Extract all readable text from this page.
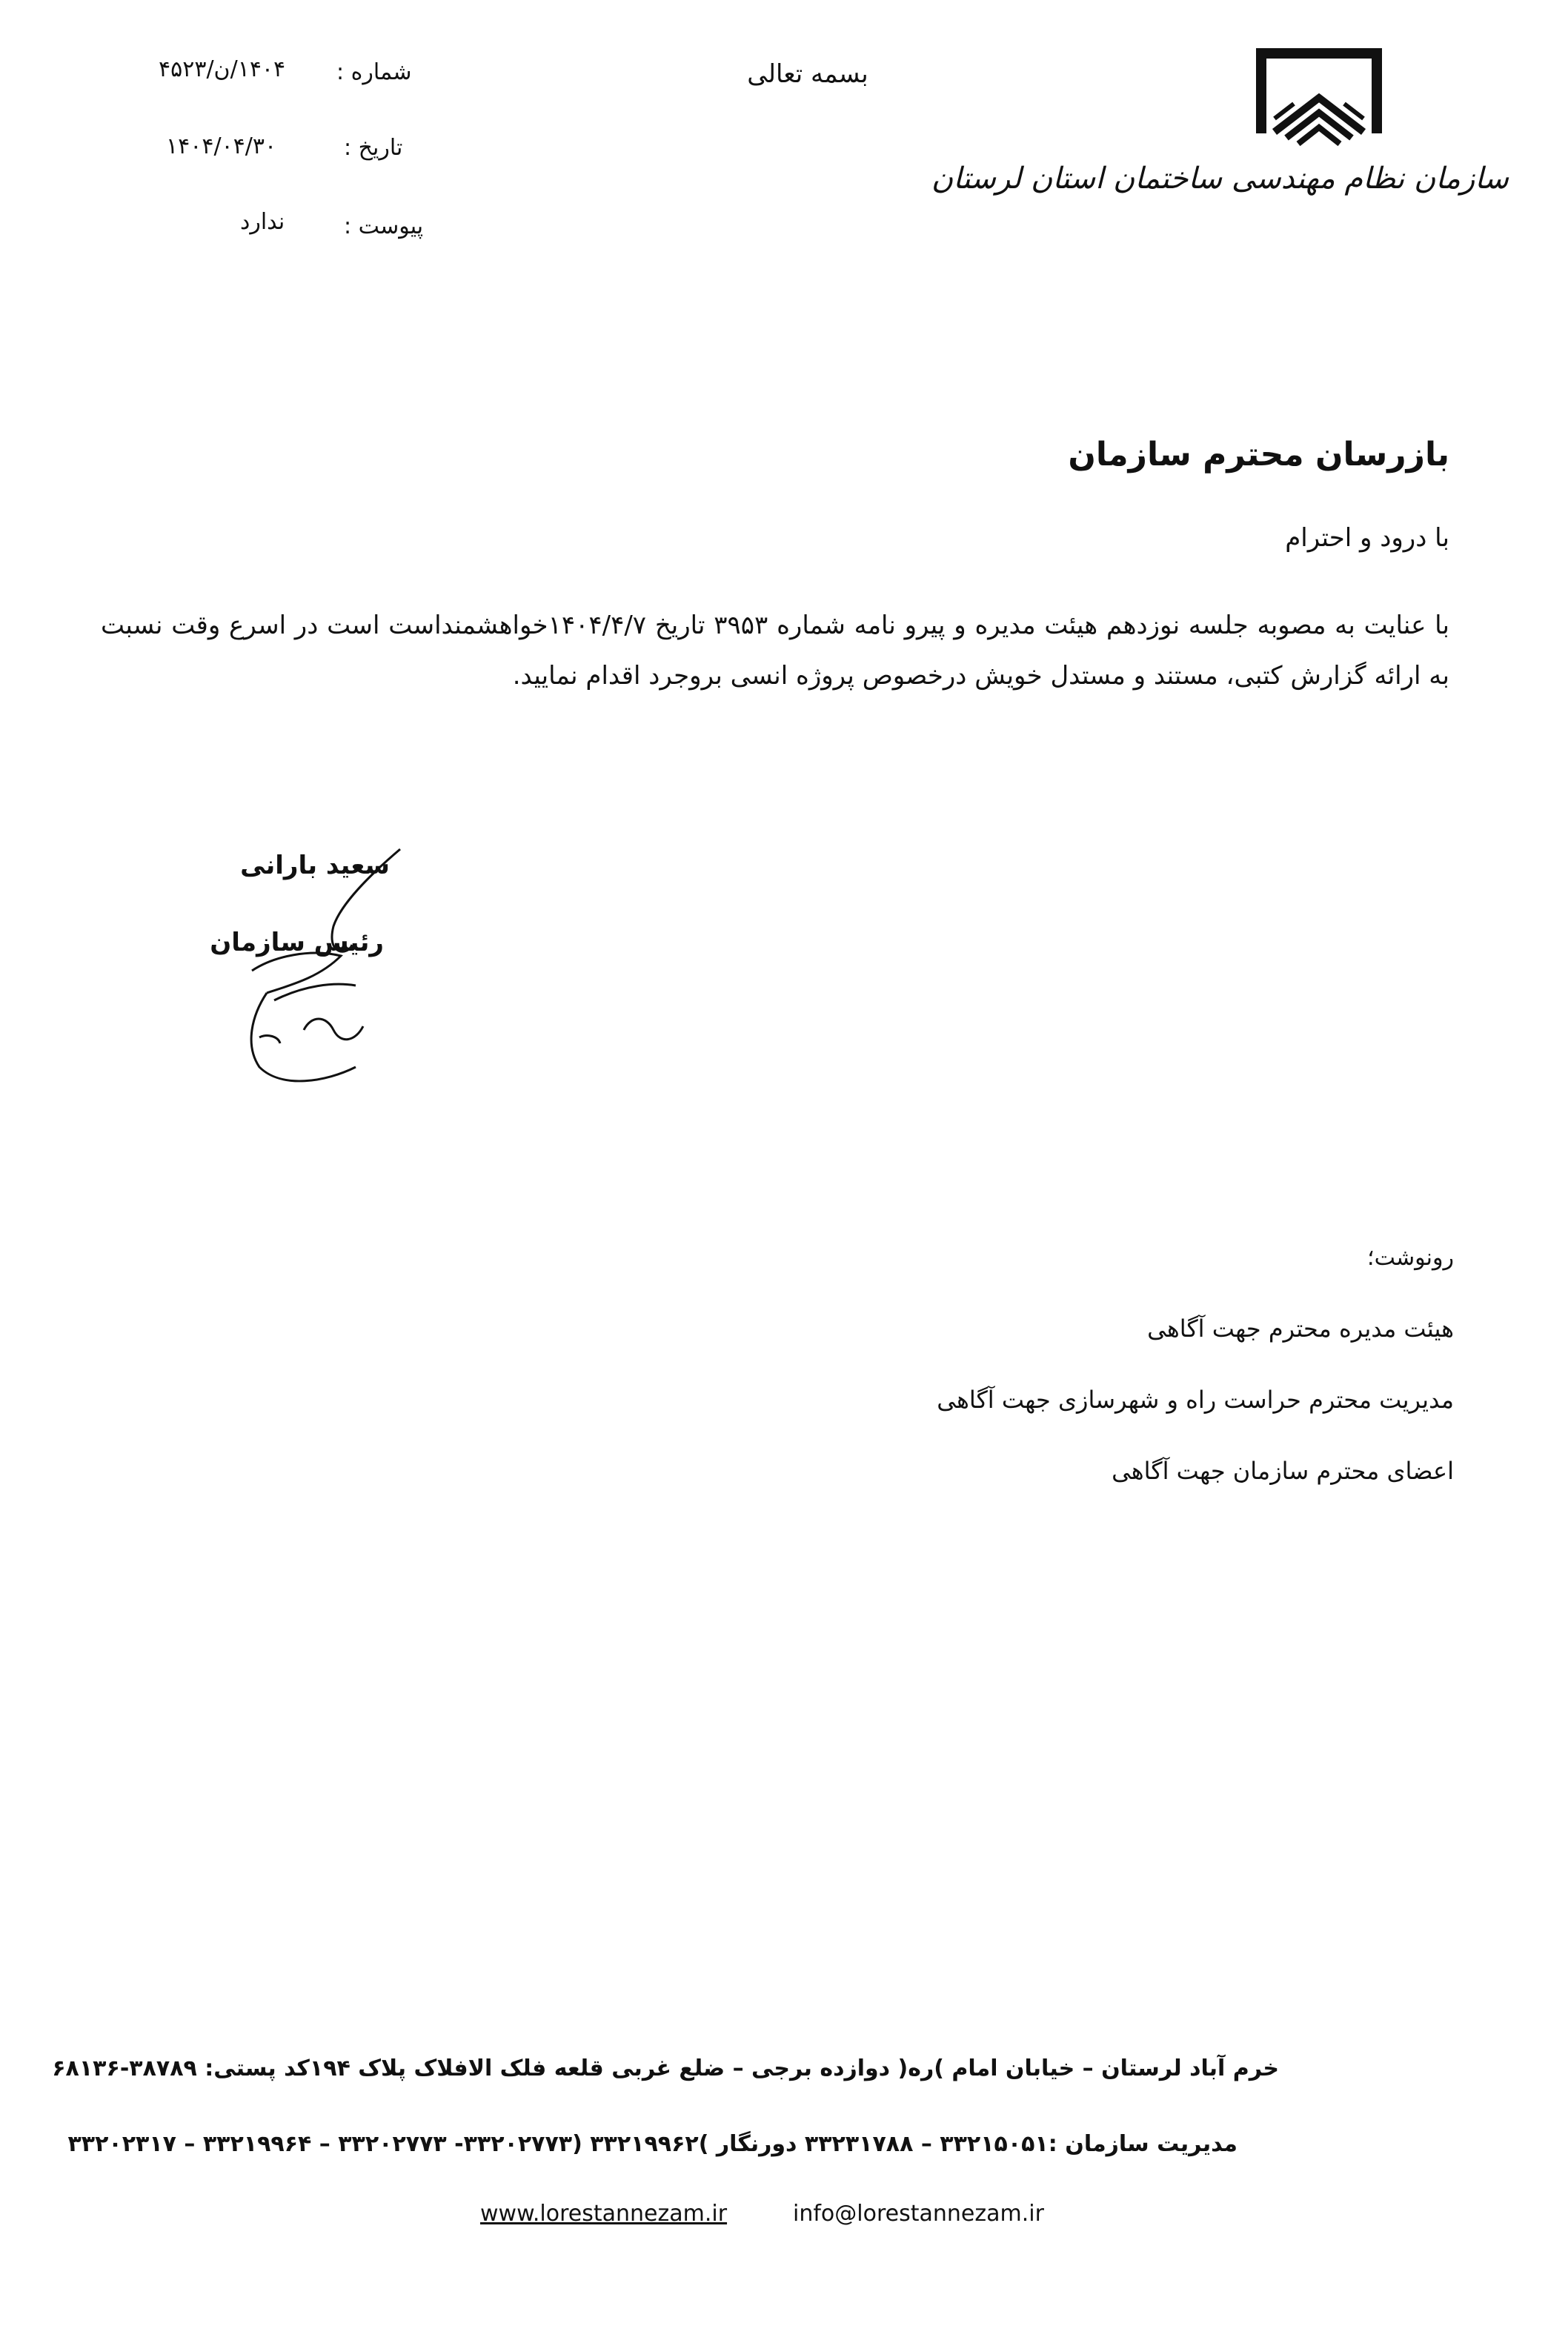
شماره :
۱۴۰۴/ن/۴۵۲۳
تاریخ :
۱۴۰۴/۰۴/۳۰
پیوست :
ندارد
بسمه تعالی
سازمان نظام مهندسی ساختمان استان لرستان
بازرسان محترم سازمان
با درود و احترام
با عنایت به مصوبه جلسه نوزدهم هیئت مدیره و پیرو نامه شماره ۳۹۵۳ تاریخ ۱۴۰۴/۴/۷خواهشمنداست است در اسرع وقت نسبت به ارائه گزارش کتبی، مستند و مستدل خویش درخصوص پروژه انسی بروجرد اقدام نمایید.
سعید بارانی
رئیس سازمان
رونوشت؛
هیئت مدیره محترم جهت آگاهی
مدیریت محترم حراست راه و شهرسازی جهت آگاهی
اعضای محترم سازمان جهت آگاهی
خرم آباد لرستان – خیابان امام )ره( دوازده برجی – ضلع غربی قلعه فلک الافلاک پلاک ۱۹۴کد پستی: ۳۸۷۸۹-۶۸۱۳۶
مدیریت سازمان :۳۳۲۱۵۰۵۱ – ۳۳۲۳۱۷۸۸ دورنگار )۳۳۲۱۹۹۶۲ (۳۳۲۰۲۷۷۳- ۳۳۲۰۲۷۷۳ – ۳۳۲۱۹۹۶۴ – ۳۳۲۰۲۳۱۷
www.lorestannezam.ir	info@lorestannezam.ir
